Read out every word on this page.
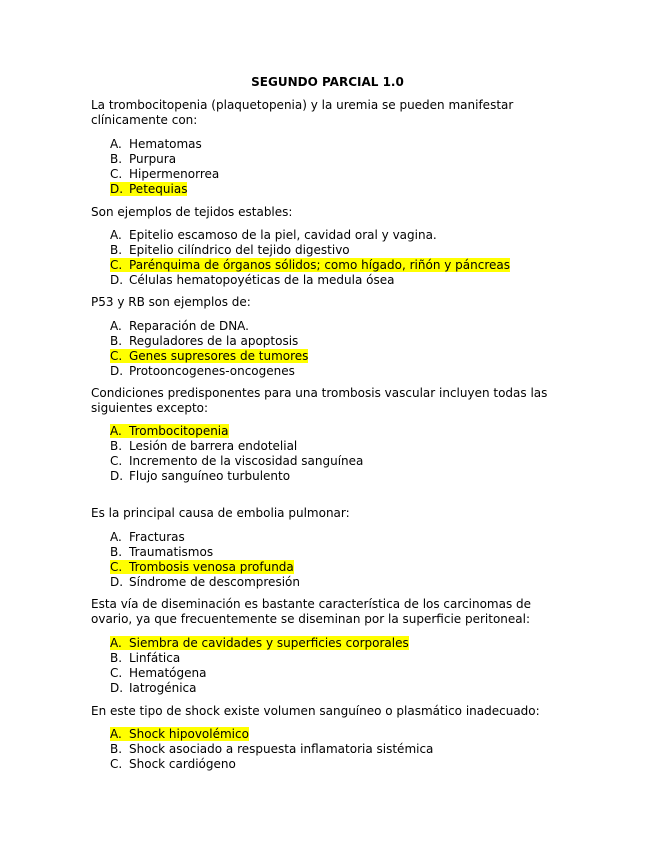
SEGUNDO PARCIAL 1.0
La trombocitopenia (plaquetopenia) y la uremia se pueden manifestar clínicamente con:
A. Hematomas
B. Purpura
C. Hipermenorrea
D. Petequias
Son ejemplos de tejidos estables:
A. Epitelio escamoso de la piel, cavidad oral y vagina.
B. Epitelio cilíndrico del tejido digestivo
C. Parénquima de órganos sólidos; como hígado, riñón y páncreas
D. Células hematopoyéticas de la medula ósea
P53 y RB son ejemplos de:
A. Reparación de DNA.
B. Reguladores de la apoptosis
C. Genes supresores de tumores
D. Protooncogenes-oncogenes
Condiciones predisponentes para una trombosis vascular incluyen todas las siguientes excepto:
A. Trombocitopenia
B. Lesión de barrera endotelial
C. Incremento de la viscosidad sanguínea
D. Flujo sanguíneo turbulento
Es la principal causa de embolia pulmonar:
A. Fracturas
B. Traumatismos
C. Trombosis venosa profunda
D. Síndrome de descompresión
Esta vía de diseminación es bastante característica de los carcinomas de ovario, ya que frecuentemente se diseminan por la superficie peritoneal:
A. Siembra de cavidades y superficies corporales
B. Linfática
C. Hematógena
D. Iatrogénica
En este tipo de shock existe volumen sanguíneo o plasmático inadecuado:
A. Shock hipovolémico
B. Shock asociado a respuesta inflamatoria sistémica
C. Shock cardiógeno
